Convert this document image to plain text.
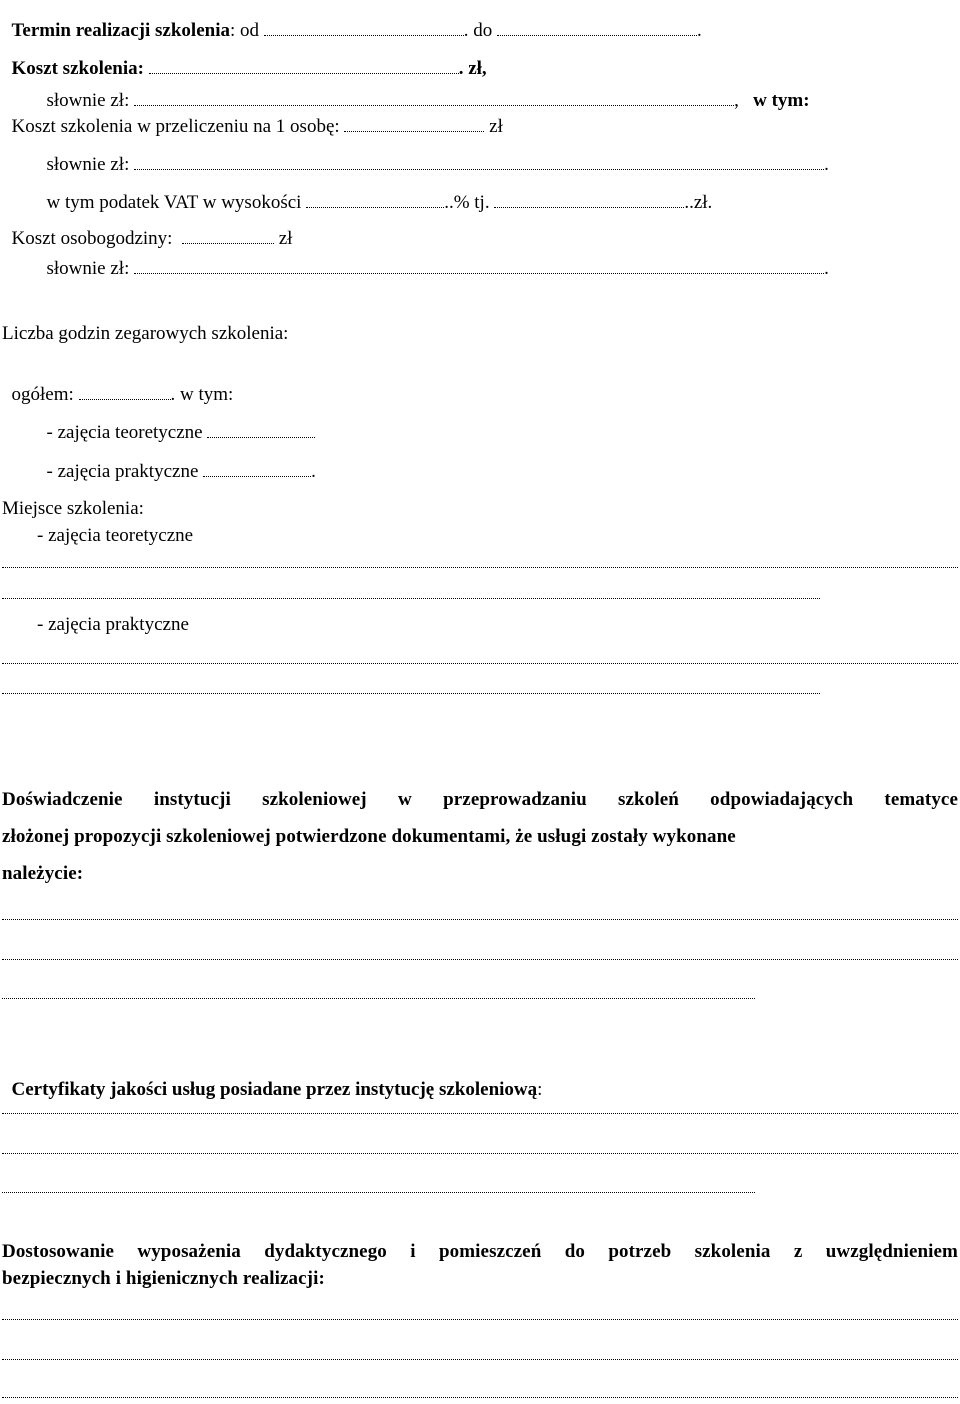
Termin realizacji szkolenia: od	. do	.

Koszt szkolenia:	. zł,

słownie zł:	, w tym:

Koszt szkolenia w przeliczeniu na 1 osobę:	zł

słownie zł:	.

w tym podatek VAT w wysokości	..% tj.	..zł.

Koszt osobogodziny:	zł

słownie zł:	.

Liczba godzin zegarowych szkolenia:

ogółem:	. w tym:

- zajęcia teoretyczne

- zajęcia praktyczne	.

Miejsce szkolenia:
- zajęcia teoretyczne
- zajęcia praktyczne
Doświadczenie instytucji szkoleniowej w przeprowadzaniu szkoleń odpowiadających tematyce
złożonej propozycji szkoleniowej potwierdzone dokumentami, że usługi zostały wykonane
należycie:

Certyfikaty jakości usług posiadane przez instytucję szkoleniową:

Dostosowanie wyposażenia dydaktycznego i pomieszczeń do potrzeb szkolenia z uwzględnieniem
bezpiecznych i higienicznych realizacji:
